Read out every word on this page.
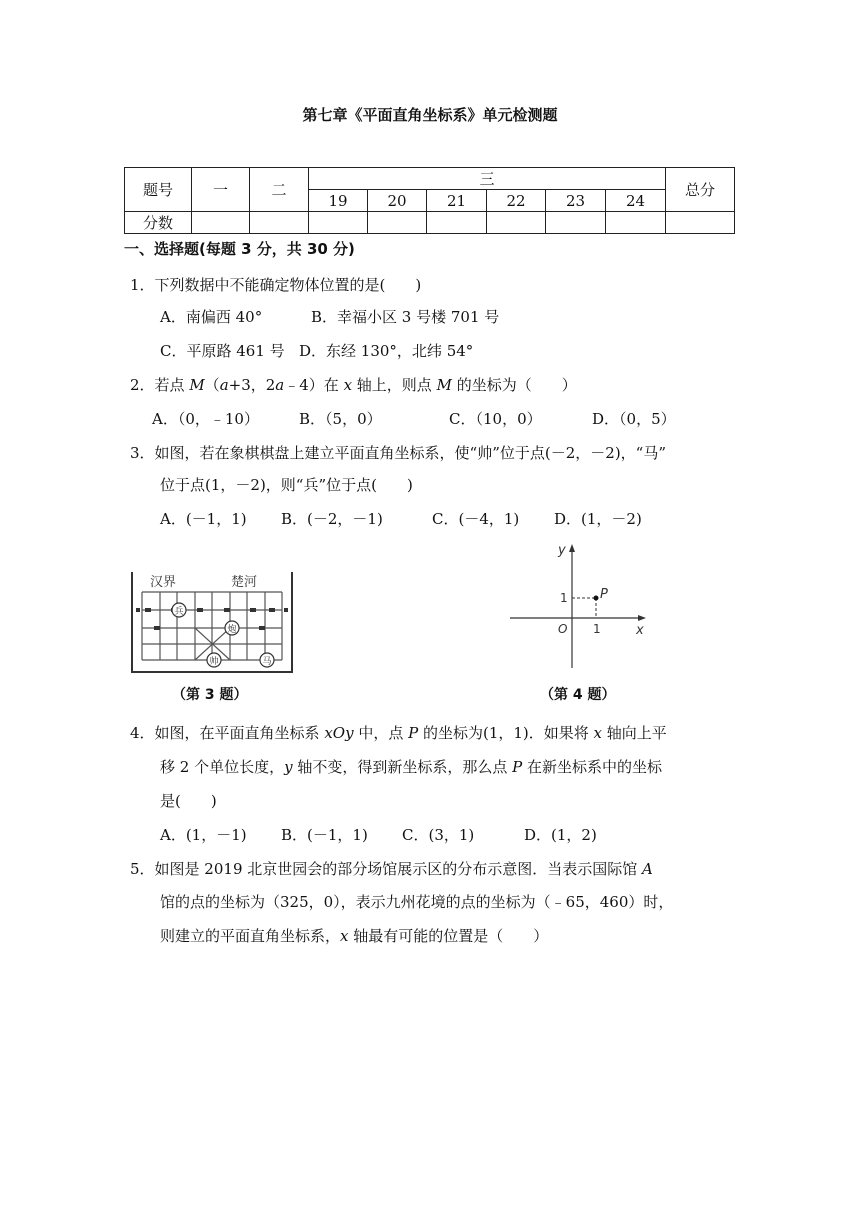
第七章《平面直角坐标系》单元检测题
题号	一	二	三						总分
			19	20	21	22	23	24	
分数									
一、选择题(每题 3 分，共 30 分)
1．下列数据中不能确定物体位置的是(　　)
A．南偏西 40°	B．幸福小区 3 号楼 701 号
C．平原路 461 号 D．东经 130°，北纬 54°
2．若点 M（a+3，2a﹣4）在 x 轴上，则点 M 的坐标为（　　）
A．（0，﹣10）	B．（5，0）	C．（10，0）	D．（0，5）
3．如图，若在象棋棋盘上建立平面直角坐标系，使“帅”位于点(－2，－2)，“马”
位于点(1，－2)，则“兵”位于点(　　)
A．(－1，1) B．(－2，－1)	C．(－4，1) D．(1，－2)
汉界	楚河
兵
炮
帅	马
（第 3 题）
y
x
O 1
1 P
（第 4 题）
4．如图，在平面直角坐标系 xOy 中，点 P 的坐标为(1，1)．如果将 x 轴向上平
移 2 个单位长度，y 轴不变，得到新坐标系，那么点 P 在新坐标系中的坐标
是(　　)
A．(1，－1) B．(－1，1) C．(3，1)	D．(1，2)
5．如图是 2019 北京世园会的部分场馆展示区的分布示意图．当表示国际馆 A
馆的点的坐标为（325，0），表示九州花境的点的坐标为（﹣65，460）时，
则建立的平面直角坐标系，x 轴最有可能的位置是（　　）
